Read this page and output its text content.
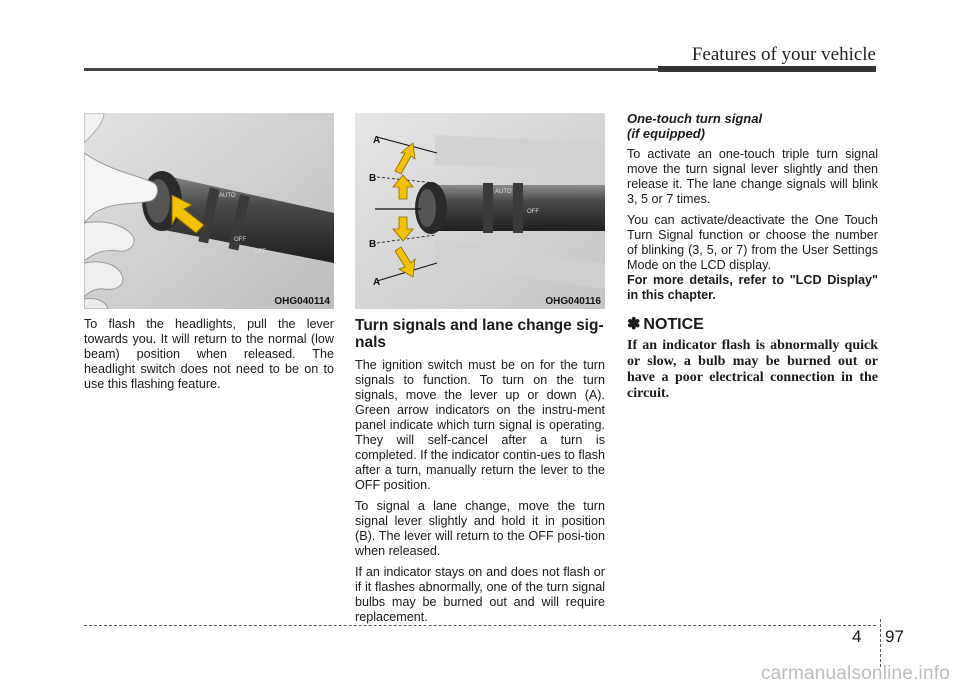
Features of your vehicle
AUTO
OFF
OFF
OHG040114
AUTO
OFF
A
B
B
A
OHG040116

To flash the headlights, pull the lever towards you. It will return to the normal (low beam) position when released. The headlight switch does not need to be on to use this flashing feature.

Turn signals and lane change sig-nals

The ignition switch must be on for the turn signals to function. To turn on the turn signals, move the lever up or down (A). Green arrow indicators on the instru-ment panel indicate which turn signal is operating. They will self-cancel after a turn is completed. If the indicator contin-ues to flash after a turn, manually return the lever to the OFF position.

To signal a lane change, move the turn signal lever slightly and hold it in position (B). The lever will return to the OFF posi-tion when released.

If an indicator stays on and does not flash or if it flashes abnormally, one of the turn signal bulbs may be burned out and will require replacement.

One-touch turn signal
(if equipped)

To activate an one-touch triple turn signal move the turn signal lever slightly and then release it. The lane change signals will blink 3, 5 or 7 times.

You can activate/deactivate the One Touch Turn Signal function or choose the number of blinking (3, 5, or 7) from the User Settings Mode on the LCD display.

For more details, refer to "LCD Display" in this chapter.

✽ NOTICE
If an indicator flash is abnormally quick or slow, a bulb may be burned out or have a poor electrical connection in the circuit.
4 97
carmanualsonline.info
